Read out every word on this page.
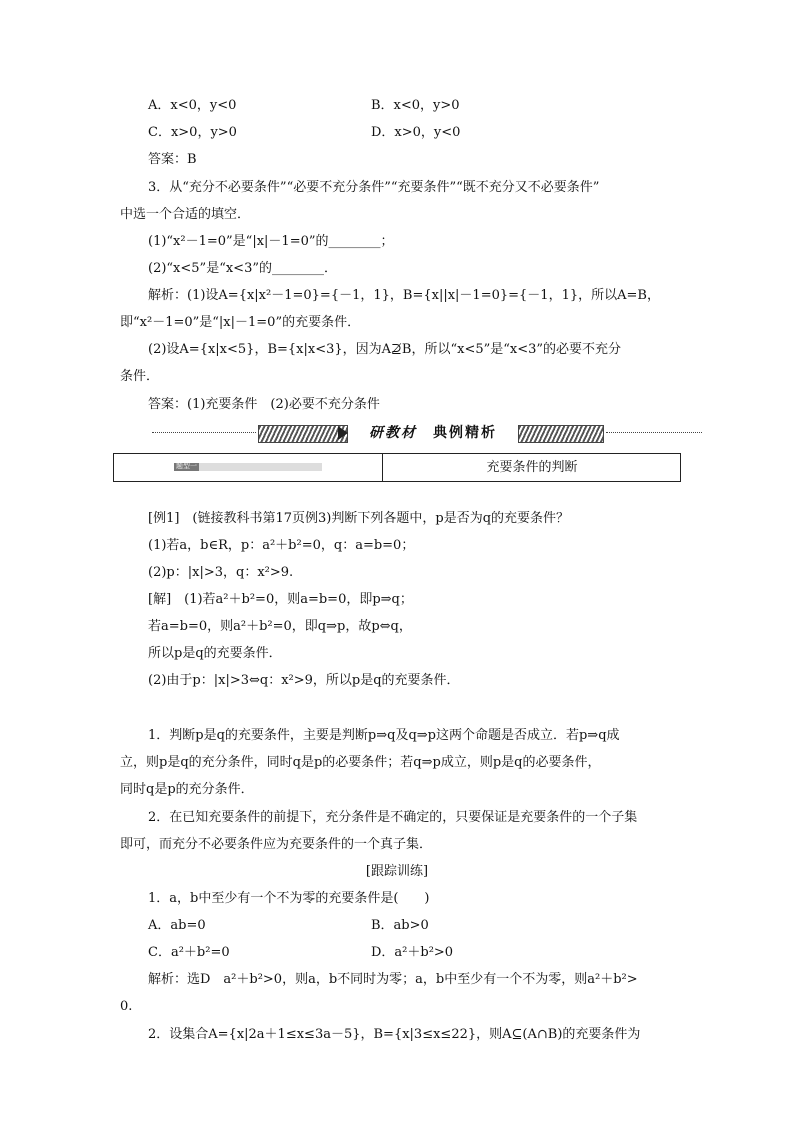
A．x<0，y<0	B．x<0，y>0
C．x>0，y>0	D．x>0，y<0
答案：B
3．从“充分不必要条件”“必要不充分条件”“充要条件”“既不充分又不必要条件”
中选一个合适的填空．
(1)“x²－1=0”是“|x|－1=0”的________；
(2)“x<5”是“x<3”的________．
解析：(1)设A={x|x²－1=0}={－1，1}，B={x||x|－1=0}={－1，1}，所以A=B，
即“x²－1=0”是“|x|－1=0”的充要条件．
(2)设A={x|x<5}，B={x|x<3}，因为A⊉B，所以“x<5”是“x<3”的必要不充分
条件．
答案：(1)充要条件　(2)必要不充分条件
研教材　 典例精析
题型一	充要条件的判断
[例1]　(链接教科书第17页例3)判断下列各题中，p是否为q的充要条件？
(1)若a，b∈R，p：a²＋b²=0，q：a=b=0；
(2)p：|x|>3，q：x²>9.
[解]　(1)若a²＋b²=0，则a=b=0，即p⇒q；
若a=b=0，则a²＋b²=0，即q⇒p，故p⇔q，
所以p是q的充要条件．
(2)由于p：|x|>3⇔q：x²>9，所以p是q的充要条件．
1．判断p是q的充要条件，主要是判断p⇒q及q⇒p这两个命题是否成立．若p⇒q成
立，则p是q的充分条件，同时q是p的必要条件；若q⇒p成立，则p是q的必要条件，
同时q是p的充分条件．
2．在已知充要条件的前提下，充分条件是不确定的，只要保证是充要条件的一个子集
即可，而充分不必要条件应为充要条件的一个真子集．
[跟踪训练]
1．a，b中至少有一个不为零的充要条件是(　　)
A．ab=0	B．ab>0
C．a²＋b²=0	D．a²＋b²>0
解析：选D　a²＋b²>0，则a，b不同时为零；a，b中至少有一个不为零，则a²＋b²>
0.
2．设集合A={x|2a＋1≤x≤3a－5}，B={x|3≤x≤22}，则A⊆(A∩B)的充要条件为
